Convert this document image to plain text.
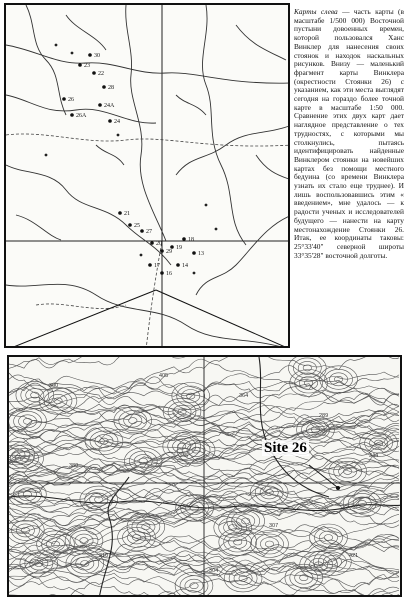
30
23
22
28
24A
24
26
26A
21
25
27
20
29
19
18
17
16
14
13
Карты слева — часть карты (в масштабе 1/500 000) Восточной пустыни довоенных времен, которой пользовался Ханс Винклер для нанесения своих стоянок и находок наскальных рисунков. Внизу — маленький фрагмент карты Винклера (окрестности Стоянки 26) с указанием, как эти места выглядят сегодня на гораздо более точной карте в масштабе 1:50 000. Сравнение этих двух карт дает наглядное представление о тех трудностях, с которыми мы столкнулись, пытаясь идентифицировать найденные Винклером стоянки на новейших картах без помощи местного бедуина (со времени Винклера узнать их стало еще труднее). И лишь воспользовавшись этим « введением», мне удалось — к радости ученых и исследователей будущего — нанести на карту местонахождение Стоянки 26. Итак, ее координаты таковы: 25°33'40" северной широты 33°35'28" восточной долготы.
360
405
364
289
380
345
307
421
310
304
344
Site 26
